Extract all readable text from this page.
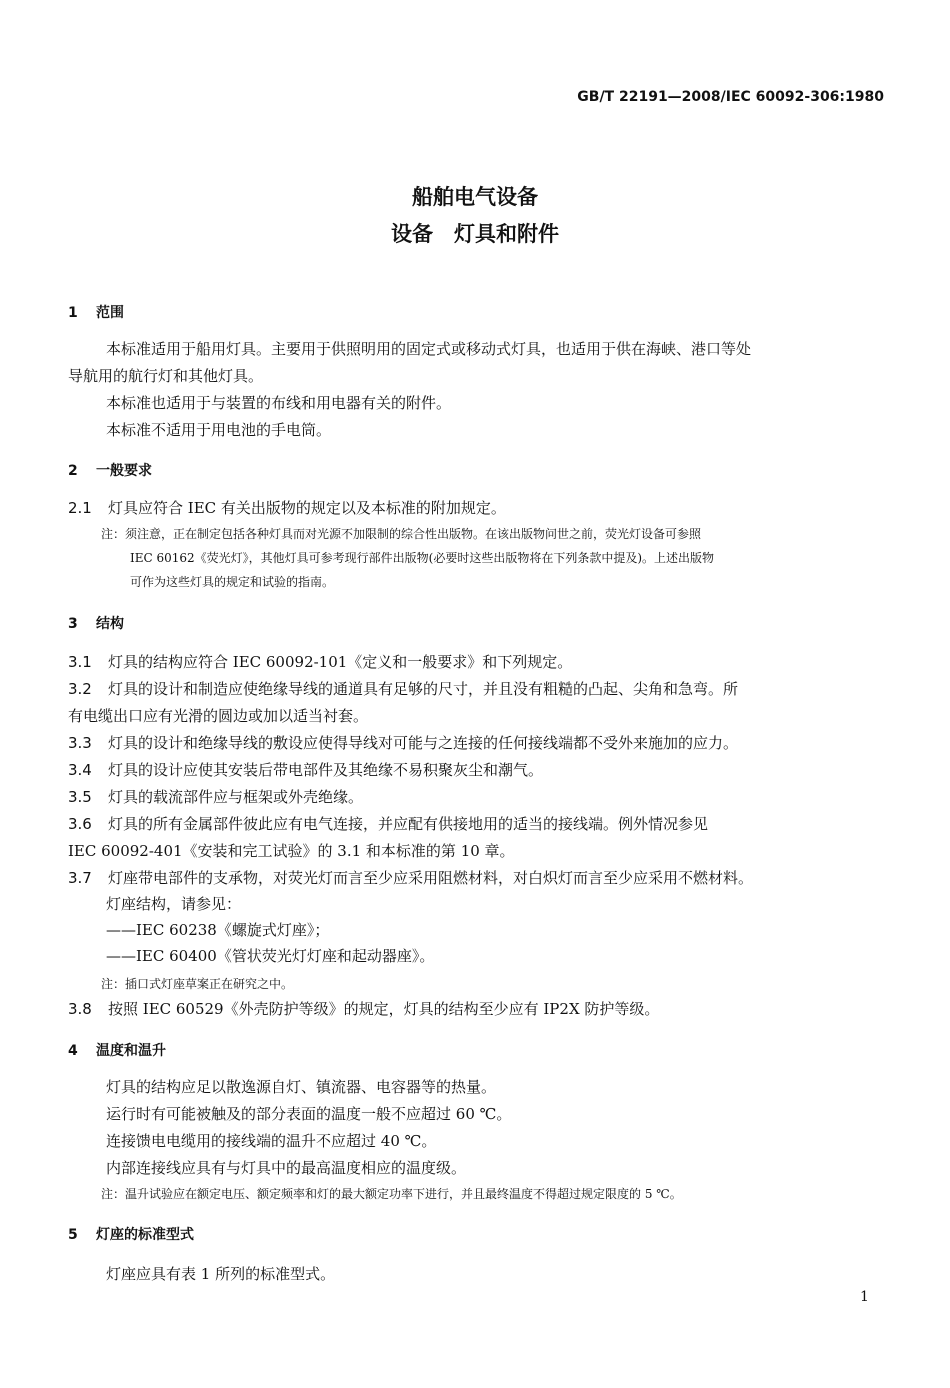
GB/T 22191—2008/IEC 60092-306:1980
船舶电气设备
设备　灯具和附件
1 范围
本标准适用于船用灯具。主要用于供照明用的固定式或移动式灯具，也适用于供在海峡、港口等处
导航用的航行灯和其他灯具。
本标准也适用于与装置的布线和用电器有关的附件。
本标准不适用于用电池的手电筒。
2 一般要求
2.1 灯具应符合 IEC 有关出版物的规定以及本标准的附加规定。
注：须注意，正在制定包括各种灯具而对光源不加限制的综合性出版物。在该出版物问世之前，荧光灯设备可参照
IEC 60162《荧光灯》，其他灯具可参考现行部件出版物(必要时这些出版物将在下列条款中提及)。上述出版物
可作为这些灯具的规定和试验的指南。
3 结构
3.1 灯具的结构应符合 IEC 60092-101《定义和一般要求》和下列规定。
3.2 灯具的设计和制造应使绝缘导线的通道具有足够的尺寸，并且没有粗糙的凸起、尖角和急弯。所
有电缆出口应有光滑的圆边或加以适当衬套。
3.3 灯具的设计和绝缘导线的敷设应使得导线对可能与之连接的任何接线端都不受外来施加的应力。
3.4 灯具的设计应使其安装后带电部件及其绝缘不易积聚灰尘和潮气。
3.5 灯具的载流部件应与框架或外壳绝缘。
3.6 灯具的所有金属部件彼此应有电气连接，并应配有供接地用的适当的接线端。例外情况参见
IEC 60092-401《安装和完工试验》的 3.1 和本标准的第 10 章。
3.7 灯座带电部件的支承物，对荧光灯而言至少应采用阻燃材料，对白炽灯而言至少应采用不燃材料。
灯座结构，请参见：
——IEC 60238《螺旋式灯座》；
——IEC 60400《管状荧光灯灯座和起动器座》。
注：插口式灯座草案正在研究之中。
3.8 按照 IEC 60529《外壳防护等级》的规定，灯具的结构至少应有 IP2X 防护等级。
4 温度和温升
灯具的结构应足以散逸源自灯、镇流器、电容器等的热量。
运行时有可能被触及的部分表面的温度一般不应超过 60 ℃。
连接馈电电缆用的接线端的温升不应超过 40 ℃。
内部连接线应具有与灯具中的最高温度相应的温度级。
注：温升试验应在额定电压、额定频率和灯的最大额定功率下进行，并且最终温度不得超过规定限度的 5 ℃。
5 灯座的标准型式
灯座应具有表 1 所列的标准型式。
1
